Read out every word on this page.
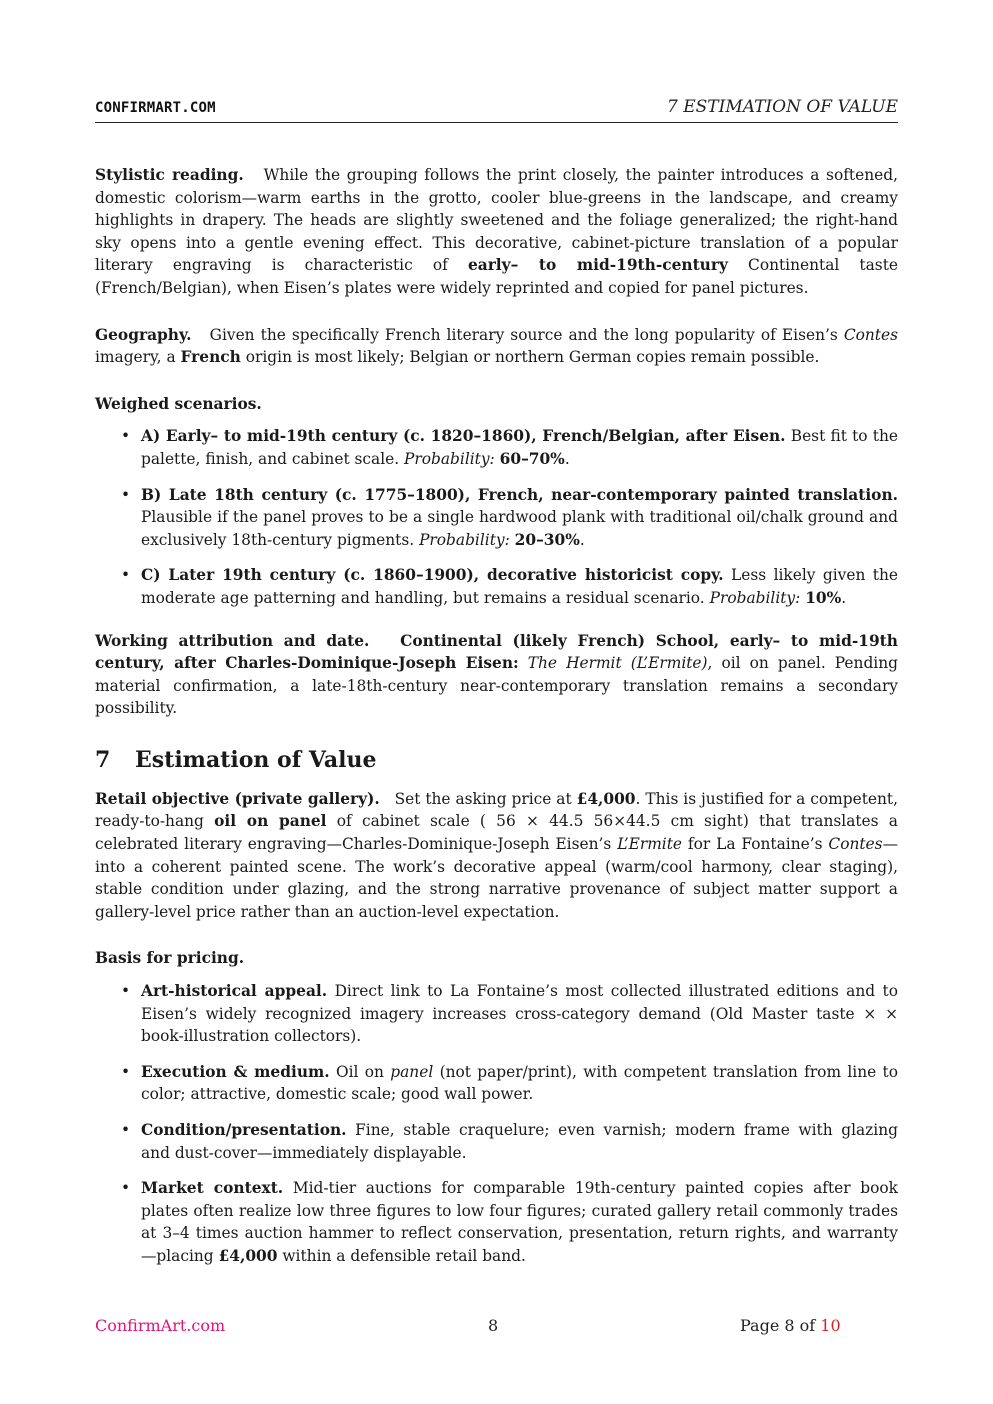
CONFIRMART.COM	7 ESTIMATION OF VALUE

Stylistic reading. While the grouping follows the print closely, the painter introduces a softened, domestic colorism—warm earths in the grotto, cooler blue-greens in the landscape, and creamy highlights in drapery. The heads are slightly sweetened and the foliage generalized; the right-hand sky opens into a gentle evening effect. This decorative, cabinet-picture translation of a popular literary engraving is characteristic of early– to mid-19th-century Continental taste (French/Belgian), when Eisen’s plates were widely reprinted and copied for panel pictures.

Geography. Given the specifically French literary source and the long popularity of Eisen’s Contes imagery, a French origin is most likely; Belgian or northern German copies remain possible.

Weighed scenarios.

• A) Early– to mid-19th century (c. 1820–1860), French/Belgian, after Eisen. Best fit to the palette, finish, and cabinet scale. Probability: 60–70%.
• B) Late 18th century (c. 1775–1800), French, near-contemporary painted translation. Plausible if the panel proves to be a single hardwood plank with traditional oil/chalk ground and exclusively 18th-century pigments. Probability: 20–30%.
• C) Later 19th century (c. 1860–1900), decorative historicist copy. Less likely given the moderate age patterning and handling, but remains a residual scenario. Probability: 10%.

Working attribution and date. Continental (likely French) School, early– to mid-19th century, after Charles-Dominique-Joseph Eisen: The Hermit (L’Ermite), oil on panel. Pending material confirmation, a late-18th-century near-contemporary translation remains a secondary possibility.

7 Estimation of Value

Retail objective (private gallery). Set the asking price at £4,000. This is justified for a competent, ready-to-hang oil on panel of cabinet scale ( 56 × 44.5 56×44.5 cm sight) that translates a celebrated literary engraving—Charles-Dominique-Joseph Eisen’s L’Ermite for La Fontaine’s Contes—into a coherent painted scene. The work’s decorative appeal (warm/cool harmony, clear staging), stable condition under glazing, and the strong narrative provenance of subject matter support a gallery-level price rather than an auction-level expectation.

Basis for pricing.

• Art-historical appeal. Direct link to La Fontaine’s most collected illustrated editions and to Eisen’s widely recognized imagery increases cross-category demand (Old Master taste × × book-illustration collectors).
• Execution & medium. Oil on panel (not paper/print), with competent translation from line to color; attractive, domestic scale; good wall power.
• Condition/presentation. Fine, stable craquelure; even varnish; modern frame with glazing and dust-cover—immediately displayable.
• Market context. Mid-tier auctions for comparable 19th-century painted copies after book plates often realize low three figures to low four figures; curated gallery retail commonly trades at 3–4 times auction hammer to reflect conservation, presentation, return rights, and warranty—placing £4,000 within a defensible retail band.
ConfirmArt.com	8	Page 8 of 10
